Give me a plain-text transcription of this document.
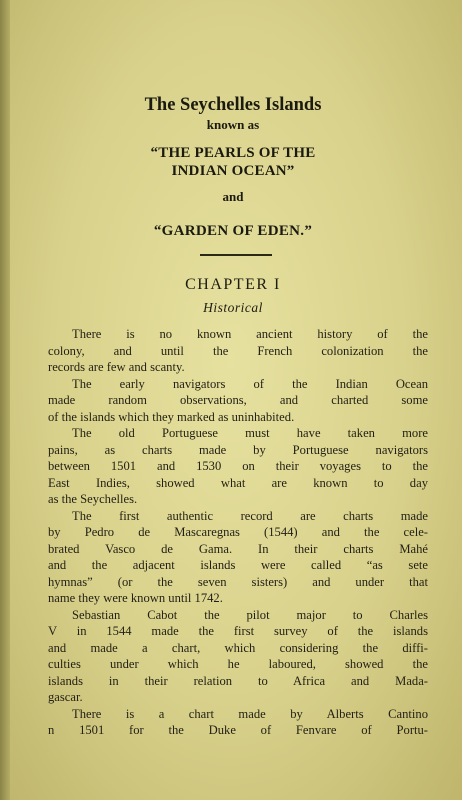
The Seychelles Islands
known as
“THE PEARLS OF THE
INDIAN OCEAN”
and
“GARDEN OF EDEN.”
CHAPTER I
Historical
There is no known ancient history of the
colony, and until the French colonization the
records are few and scanty.
The early navigators of the Indian Ocean
made random observations, and charted some
of the islands which they marked as uninhabited.
The old Portuguese must have taken more
pains, as charts made by Portuguese navigators
between 1501 and 1530 on their voyages to the
East Indies, showed what are known to day
as the Seychelles.
The first authentic record are charts made
by Pedro de Mascaregnas (1544) and the cele-
brated Vasco de Gama. In their charts Mahé
and the adjacent islands were called “as sete
hymnas” (or the seven sisters) and under that
name they were known until 1742.
Sebastian Cabot the pilot major to Charles
V in 1544 made the first survey of the islands
and made a chart, which considering the diffi-
culties under which he laboured, showed the
islands in their relation to Africa and Mada-
gascar.
There is a chart made by Alberts Cantino
n 1501 for the Duke of Fenvare of Portu-
